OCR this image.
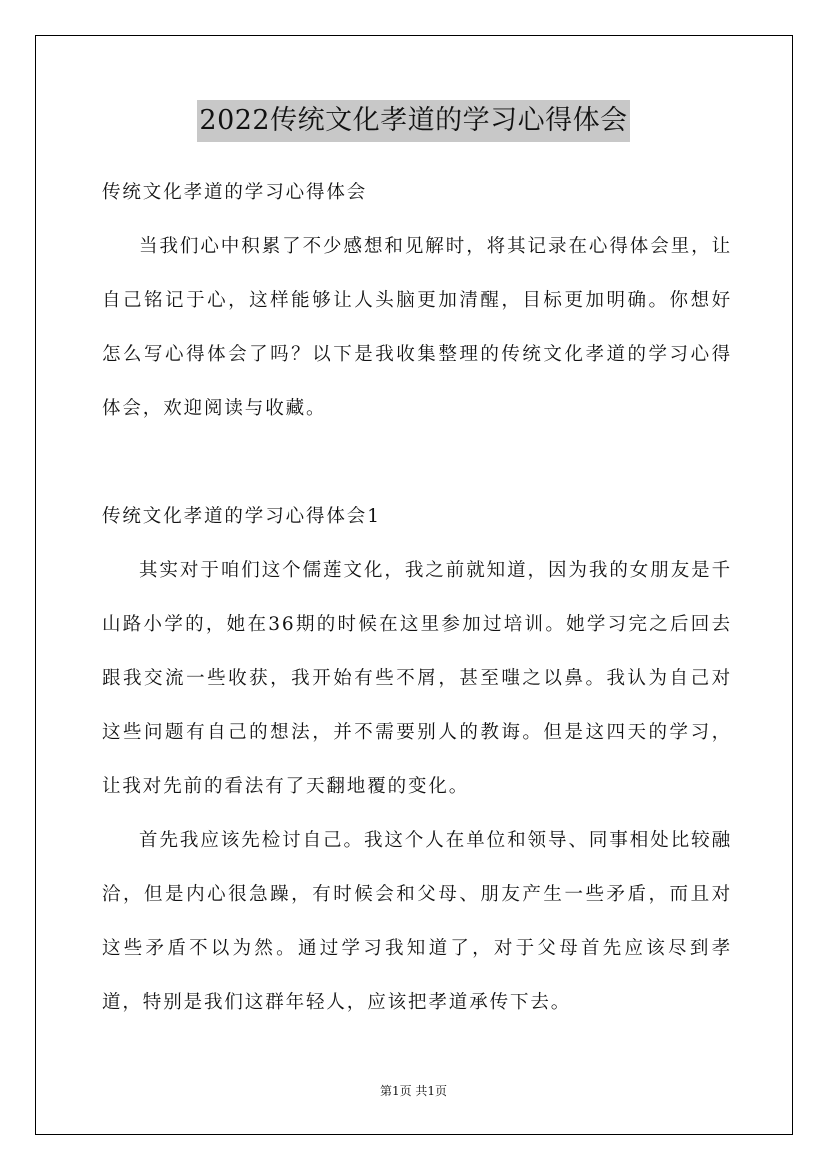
2022传统文化孝道的学习心得体会
传统文化孝道的学习心得体会

当我们心中积累了不少感想和见解时，将其记录在心得体会里，让自己铭记于心，这样能够让人头脑更加清醒，目标更加明确。你想好怎么写心得体会了吗？以下是我收集整理的传统文化孝道的学习心得体会，欢迎阅读与收藏。

传统文化孝道的学习心得体会1

其实对于咱们这个儒莲文化，我之前就知道，因为我的女朋友是千山路小学的，她在36期的时候在这里参加过培训。她学习完之后回去跟我交流一些收获，我开始有些不屑，甚至嗤之以鼻。我认为自己对这些问题有自己的想法，并不需要别人的教诲。但是这四天的学习，让我对先前的看法有了天翻地覆的变化。

首先我应该先检讨自己。我这个人在单位和领导、同事相处比较融洽，但是内心很急躁，有时候会和父母、朋友产生一些矛盾，而且对这些矛盾不以为然。通过学习我知道了，对于父母首先应该尽到孝道，特别是我们这群年轻人，应该把孝道承传下去。

第1页 共1页
